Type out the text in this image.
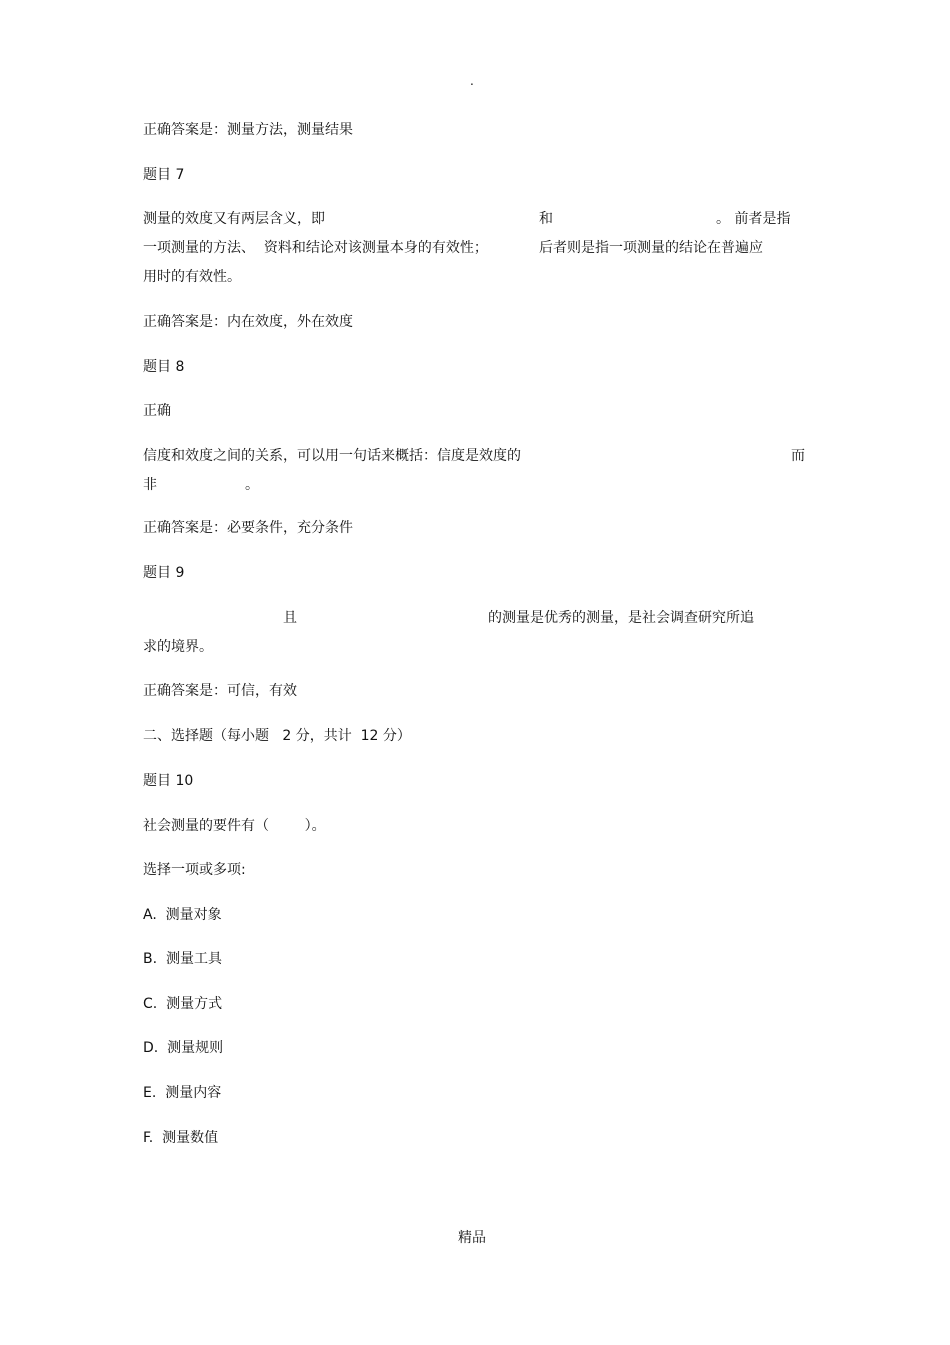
.
正确答案是：测量方法，测量结果
题目 7
测量的效度又有两层含义，即	和	。 前者是指
一项测量的方法、  资料和结论对该测量本身的有效性；	后者则是指一项测量的结论在普遍应
用时的有效性。
正确答案是：内在效度，外在效度
题目 8
正确
信度和效度之间的关系，可以用一句话来概括：信度是效度的	而
非	。
正确答案是：必要条件，充分条件
题目 9
且	的测量是优秀的测量，是社会调查研究所追
求的境界。
正确答案是：可信，有效
二、选择题（每小题   2 分，共计  12 分）
题目 10
社会测量的要件有（        ）。
选择一项或多项:
A.  测量对象
B.  测量工具
C.  测量方式
D.  测量规则
E.  测量内容
F.  测量数值
精品
